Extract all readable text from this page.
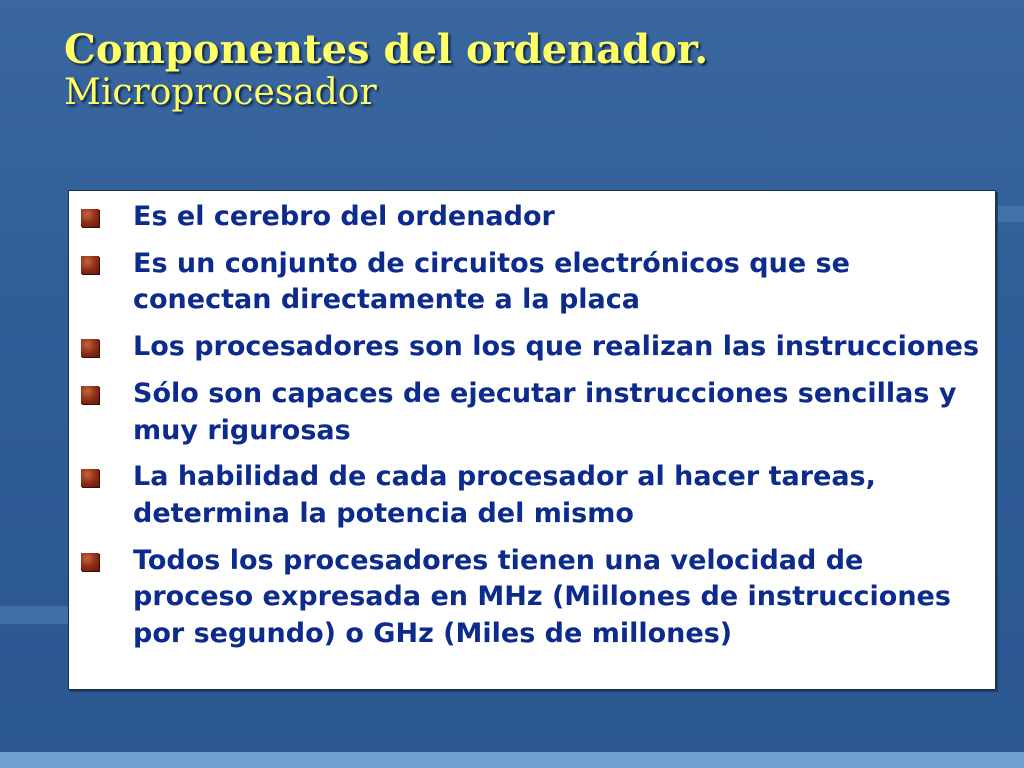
Componentes del ordenador.
Microprocesador
Es el cerebro del ordenador
Es un conjunto de circuitos electrónicos que se conectan directamente a la placa
Los procesadores son los que realizan las instrucciones
Sólo son capaces de ejecutar instrucciones sencillas y muy rigurosas
La habilidad de cada procesador al hacer tareas, determina la potencia del mismo
Todos los procesadores tienen una velocidad de proceso expresada en MHz (Millones de instrucciones por segundo) o GHz (Miles de millones)
